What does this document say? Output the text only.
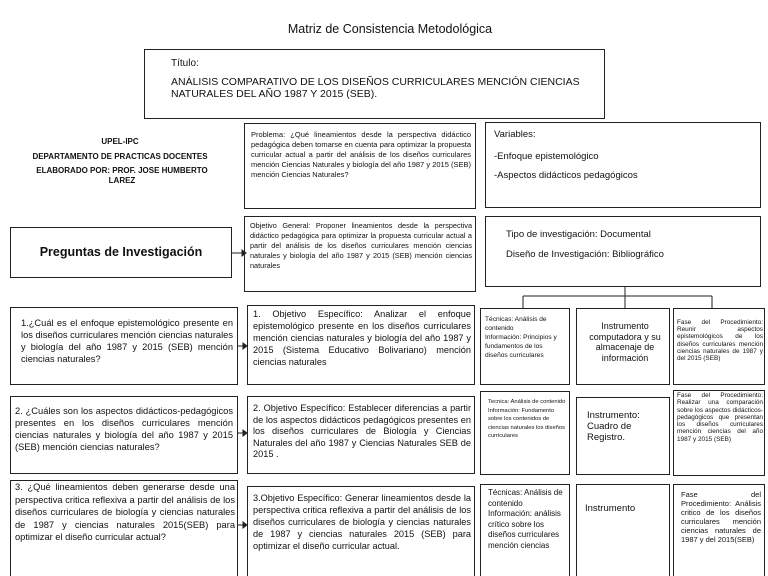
Matriz de Consistencia Metodológica
Título:
ANÁLISIS COMPARATIVO DE LOS DISEÑOS CURRICULARES MENCIÓN CIENCIAS NATURALES DEL AÑO 1987 Y 2015 (SEB).
UPEL-IPC
DEPARTAMENTO DE PRACTICAS DOCENTES
ELABORADO POR: PROF. JOSE HUMBERTO LAREZ
Problema: ¿Qué lineamientos desde la perspectiva didáctico pedagógica deben tomarse en cuenta para optimizar la propuesta curricular actual a partir del análisis de los diseños curriculares mención Ciencias Naturales y biología del año 1987 y 2015 (SEB) mención Ciencias Naturales?
Variables:
-Enfoque epistemológico
-Aspectos didácticos pedagógicos
Objetivo General: Proponer lineamientos desde la perspectiva didáctico pedagógica para optimizar la propuesta curricular actual a partir del análisis de los diseños curriculares mención ciencias naturales y biología del año 1987 y 2015 (SEB) mención ciencias naturales
Tipo de investigación: Documental
Diseño de Investigación: Bibliográfico
Preguntas de Investigación
1.¿Cuál es el enfoque epistemológico presente en los diseños curriculares mención ciencias naturales y biología del año 1987 y 2015 (SEB) mención ciencias naturales?
2. ¿Cuáles son los aspectos didácticos-pedagógicos presentes en los diseños curriculares mención ciencias naturales y biología del año 1987 y 2015 (SEB) mención ciencias naturales?
3. ¿Qué lineamientos deben generarse desde una perspectiva critica reflexiva a partir del análisis de los diseños curriculares de biología y ciencias naturales de 1987 y ciencias naturales 2015(SEB) para optimizar el diseño curricular actual?
1. Objetivo Específico: Analizar el enfoque epistemológico presente en los diseños curriculares mención ciencias naturales y biología del año 1987 y 2015 (Sistema Educativo Bolivariano) mención ciencias naturales
2. Objetivo Específico: Establecer diferencias a partir de los aspectos didácticos pedagógicos presentes en los diseños curriculares de Biología y Ciencias Naturales del año 1987 y Ciencias Naturales SEB de 2015 .
3.Objetivo Específico: Generar lineamientos desde la perspectiva critica reflexiva a partir del análisis de los diseños curriculares de biología y ciencias naturales de 1987 y ciencias naturales 2015 (SEB) para optimizar el diseño curricular actual.
Técnicas: Análisis de contenido
Información: Principios y fundamentos de los diseños curriculares
Tecnica: Análisis de contenido
Información: Fundamento sobre los contenidos de ciencias naturales los diseños curriculares
Técnicas: Análisis de contenido
Información: análisis crítico sobre los diseños curriculares mención ciencias
Instrumento computadora y su almacenaje de información
Instrumento: Cuadro de Registro.
Instrumento
Fase del Procedimiento: Reunir aspectos epistemológicos de los diseños curriculares mención ciencias naturales de 1987 y del 2015 (SEB)
Fase del Procedimiento: Realizar una comparación sobre los aspectos didácticos-pedagógicos que presentan los diseños curriculares mención ciencias del año 1987 y 2015 (SEB)
Fase del Procedimiento: Análisis critico de los diseños curriculares mención ciencias naturales de 1987 y del 2015(SEB)
